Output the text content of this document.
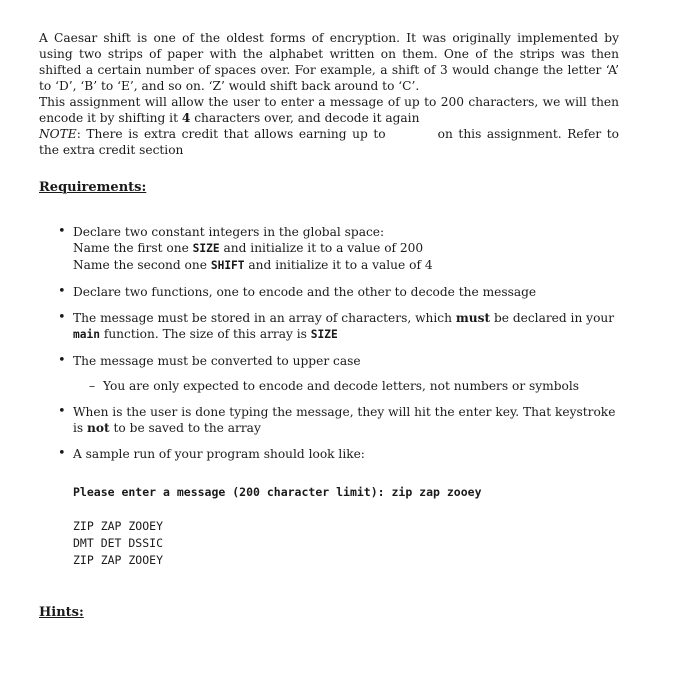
A Caesar shift is one of the oldest forms of encryption. It was originally implemented by using two strips of paper with the alphabet written on them. One of the strips was then shifted a certain number of spaces over. For example, a shift of 3 would change the letter ‘A’ to ‘D’, ‘B’ to ‘E’, and so on. ‘Z’ would shift back around to ‘C’.

This assignment will allow the user to enter a message of up to 200 characters, we will then encode it by shifting it 4 characters over, and decode it again

NOTE: There is extra credit that allows earning up to	on this assignment. Refer to the extra credit section

Requirements:
• Declare two constant integers in the global space:
Name the first one SIZE and initialize it to a value of 200
Name the second one SHIFT and initialize it to a value of 4
• Declare two functions, one to encode and the other to decode the message
• The message must be stored in an array of characters, which must be declared in your main function. The size of this array is SIZE
• The message must be converted to upper case
– You are only expected to encode and decode letters, not numbers or symbols
• When is the user is done typing the message, they will hit the enter key. That keystroke is not to be saved to the array
• A sample run of your program should look like:
Please enter a message (200 character limit): zip zap zooey
ZIP ZAP ZOOEY
DMT DET DSSIC
ZIP ZAP ZOOEY
Hints:
